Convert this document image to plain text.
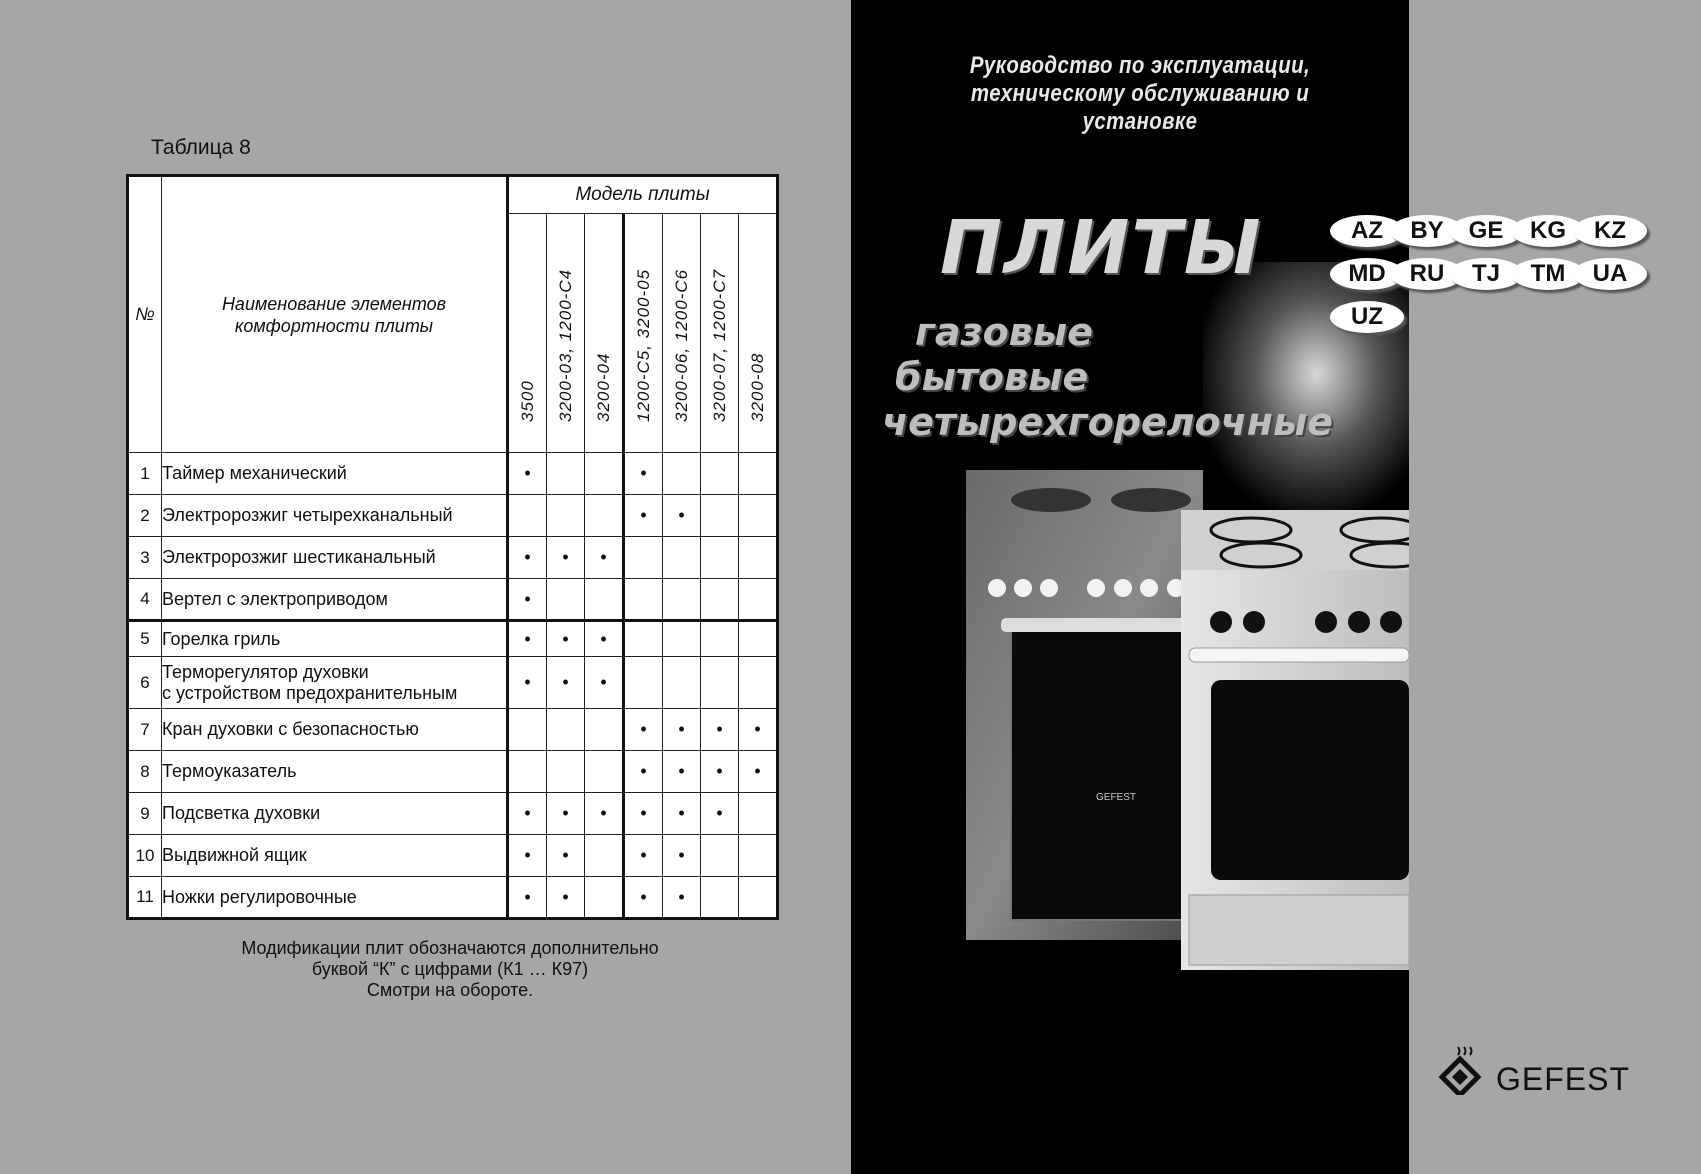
Таблица 8
№	Наименование элементов комфортности плиты	Модель плиты						

		3500	3200-03, 1200-С4	3200-04	1200-С5, 3200-05	3200-06, 1200-С6	3200-07, 1200-С7	3200-08

1	Таймер механический	•			•			
2	Электророзжиг четырехканальный				•	•		
3	Электророзжиг шестиканальный	•	•	•				
4	Вертел с электроприводом	•						
5	Горелка гриль	•	•	•				
6	Терморегулятор духовки
с устройством предохранительным	•	•	•				
7	Кран духовки с безопасностью				•	•	•	•
8	Термоуказатель				•	•	•	•
9	Подсветка духовки	•	•	•	•	•	•	
10	Выдвижной ящик	•	•		•	•		
11	Ножки регулировочные	•	•		•	•		
Модификации плит обозначаются дополнительно
буквой “К” с цифрами (К1 … К97)
Смотри на обороте.
GEFEST
Руководство по эксплуатации,
техническому обслуживанию и установке
ПЛИТЫ
газовые
бытовые
четырехгорелочные
AZ	BY	GE	KG	KZ
MD	RU	TJ	TM	UA
UZ
GEFEST
